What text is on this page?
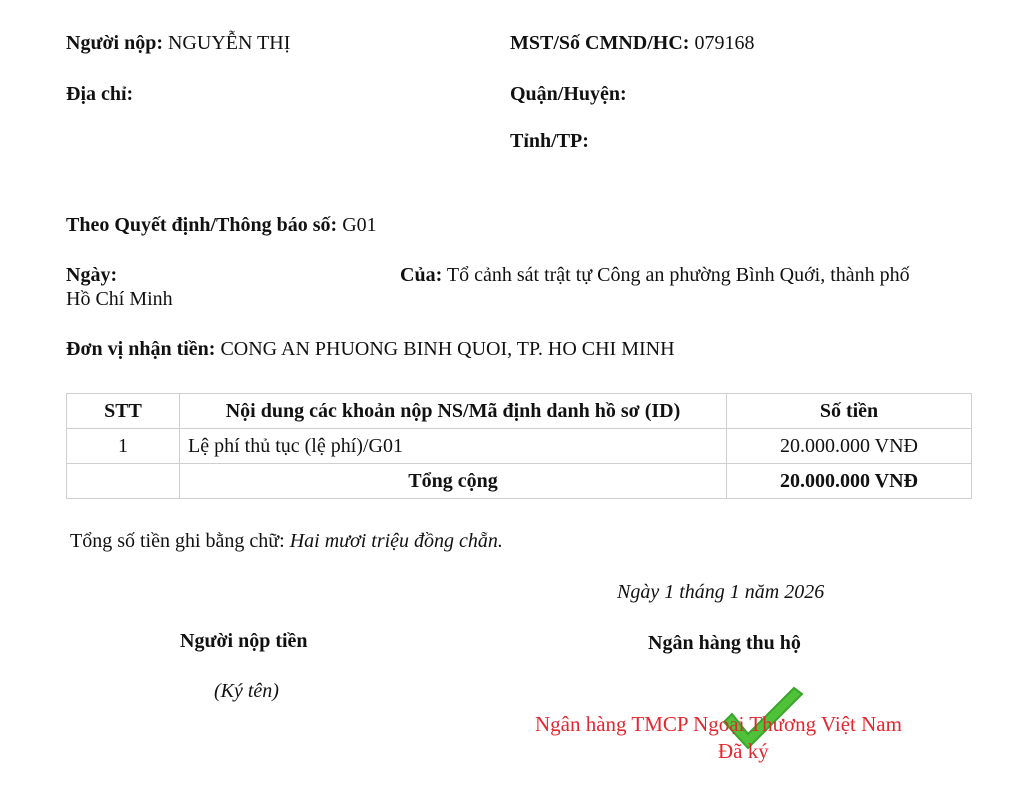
Người nộp: NGUYỄN THỊ
Địa chỉ:
MST/Số CMND/HC: 079168
Quận/Huyện:
Tỉnh/TP:
Theo Quyết định/Thông báo số: G01
Ngày:	Của: Tổ cảnh sát trật tự Công an phường Bình Quới, thành phố
Hồ Chí Minh
Đơn vị nhận tiền: CONG AN PHUONG BINH QUOI, TP. HO CHI MINH
STT	Nội dung các khoản nộp NS/Mã định danh hồ sơ (ID)	Số tiền
1	Lệ phí thủ tục (lệ phí)/G01	20.000.000 VNĐ
	Tổng cộng	20.000.000 VNĐ
Tổng số tiền ghi bằng chữ: Hai mươi triệu đồng chẵn.
Ngày 1 tháng 1 năm 2026
Người nộp tiền
(Ký tên)
Ngân hàng thu hộ
Ngân hàng TMCP Ngoại Thương Việt Nam
Đã ký
